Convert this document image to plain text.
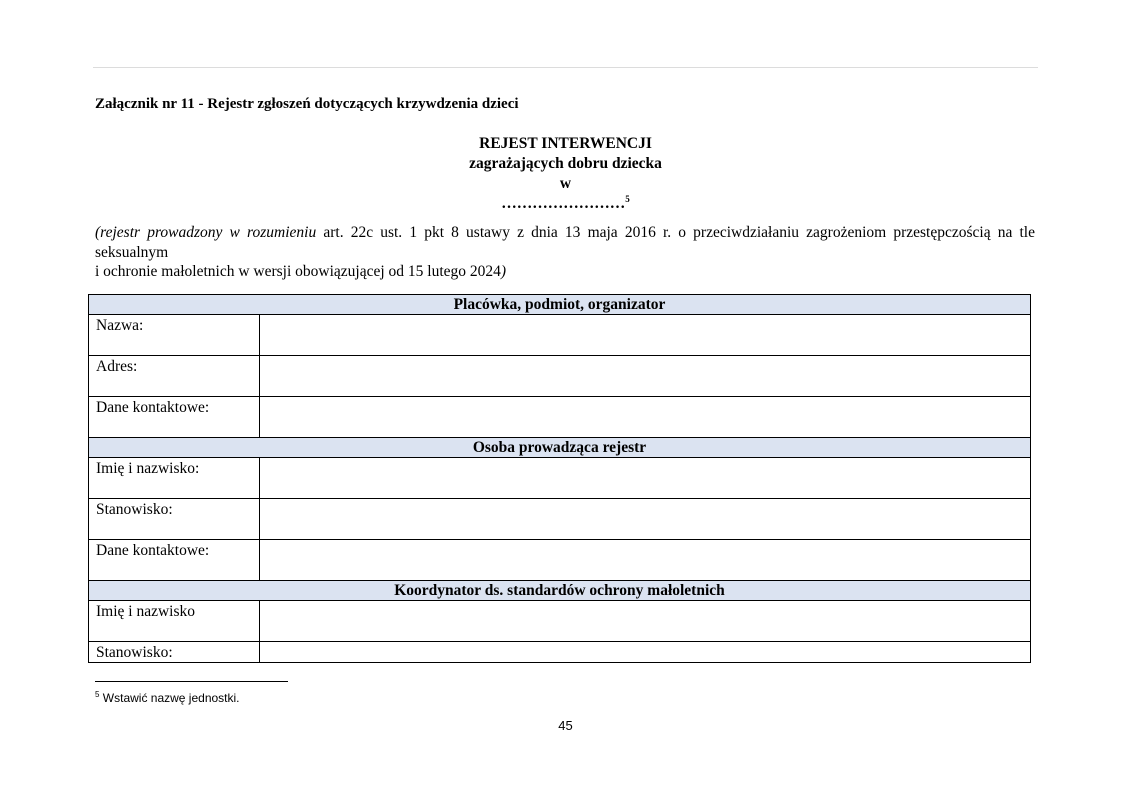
Załącznik nr 11 - Rejestr zgłoszeń dotyczących krzywdzenia dzieci
REJEST INTERWENCJI
zagrażających dobru dziecka
w
……………………$^5$
(rejestr prowadzony w rozumieniu art. 22c ust. 1 pkt 8 ustawy z dnia 13 maja 2016 r. o przeciwdziałaniu zagrożeniom przestępczością na tle
seksualnym
i ochronie małoletnich w wersji obowiązującej od 15 lutego 2024)
Placówka, podmiot, organizator	
Nazwa:	
Adres:	
Dane kontaktowe:	
Osoba prowadząca rejestr	
Imię i nazwisko:	
Stanowisko:	
Dane kontaktowe:	
Koordynator ds. standardów ochrony małoletnich	
Imię i nazwisko	
Stanowisko:	
$^5$ Wstawić nazwę jednostki.
45
